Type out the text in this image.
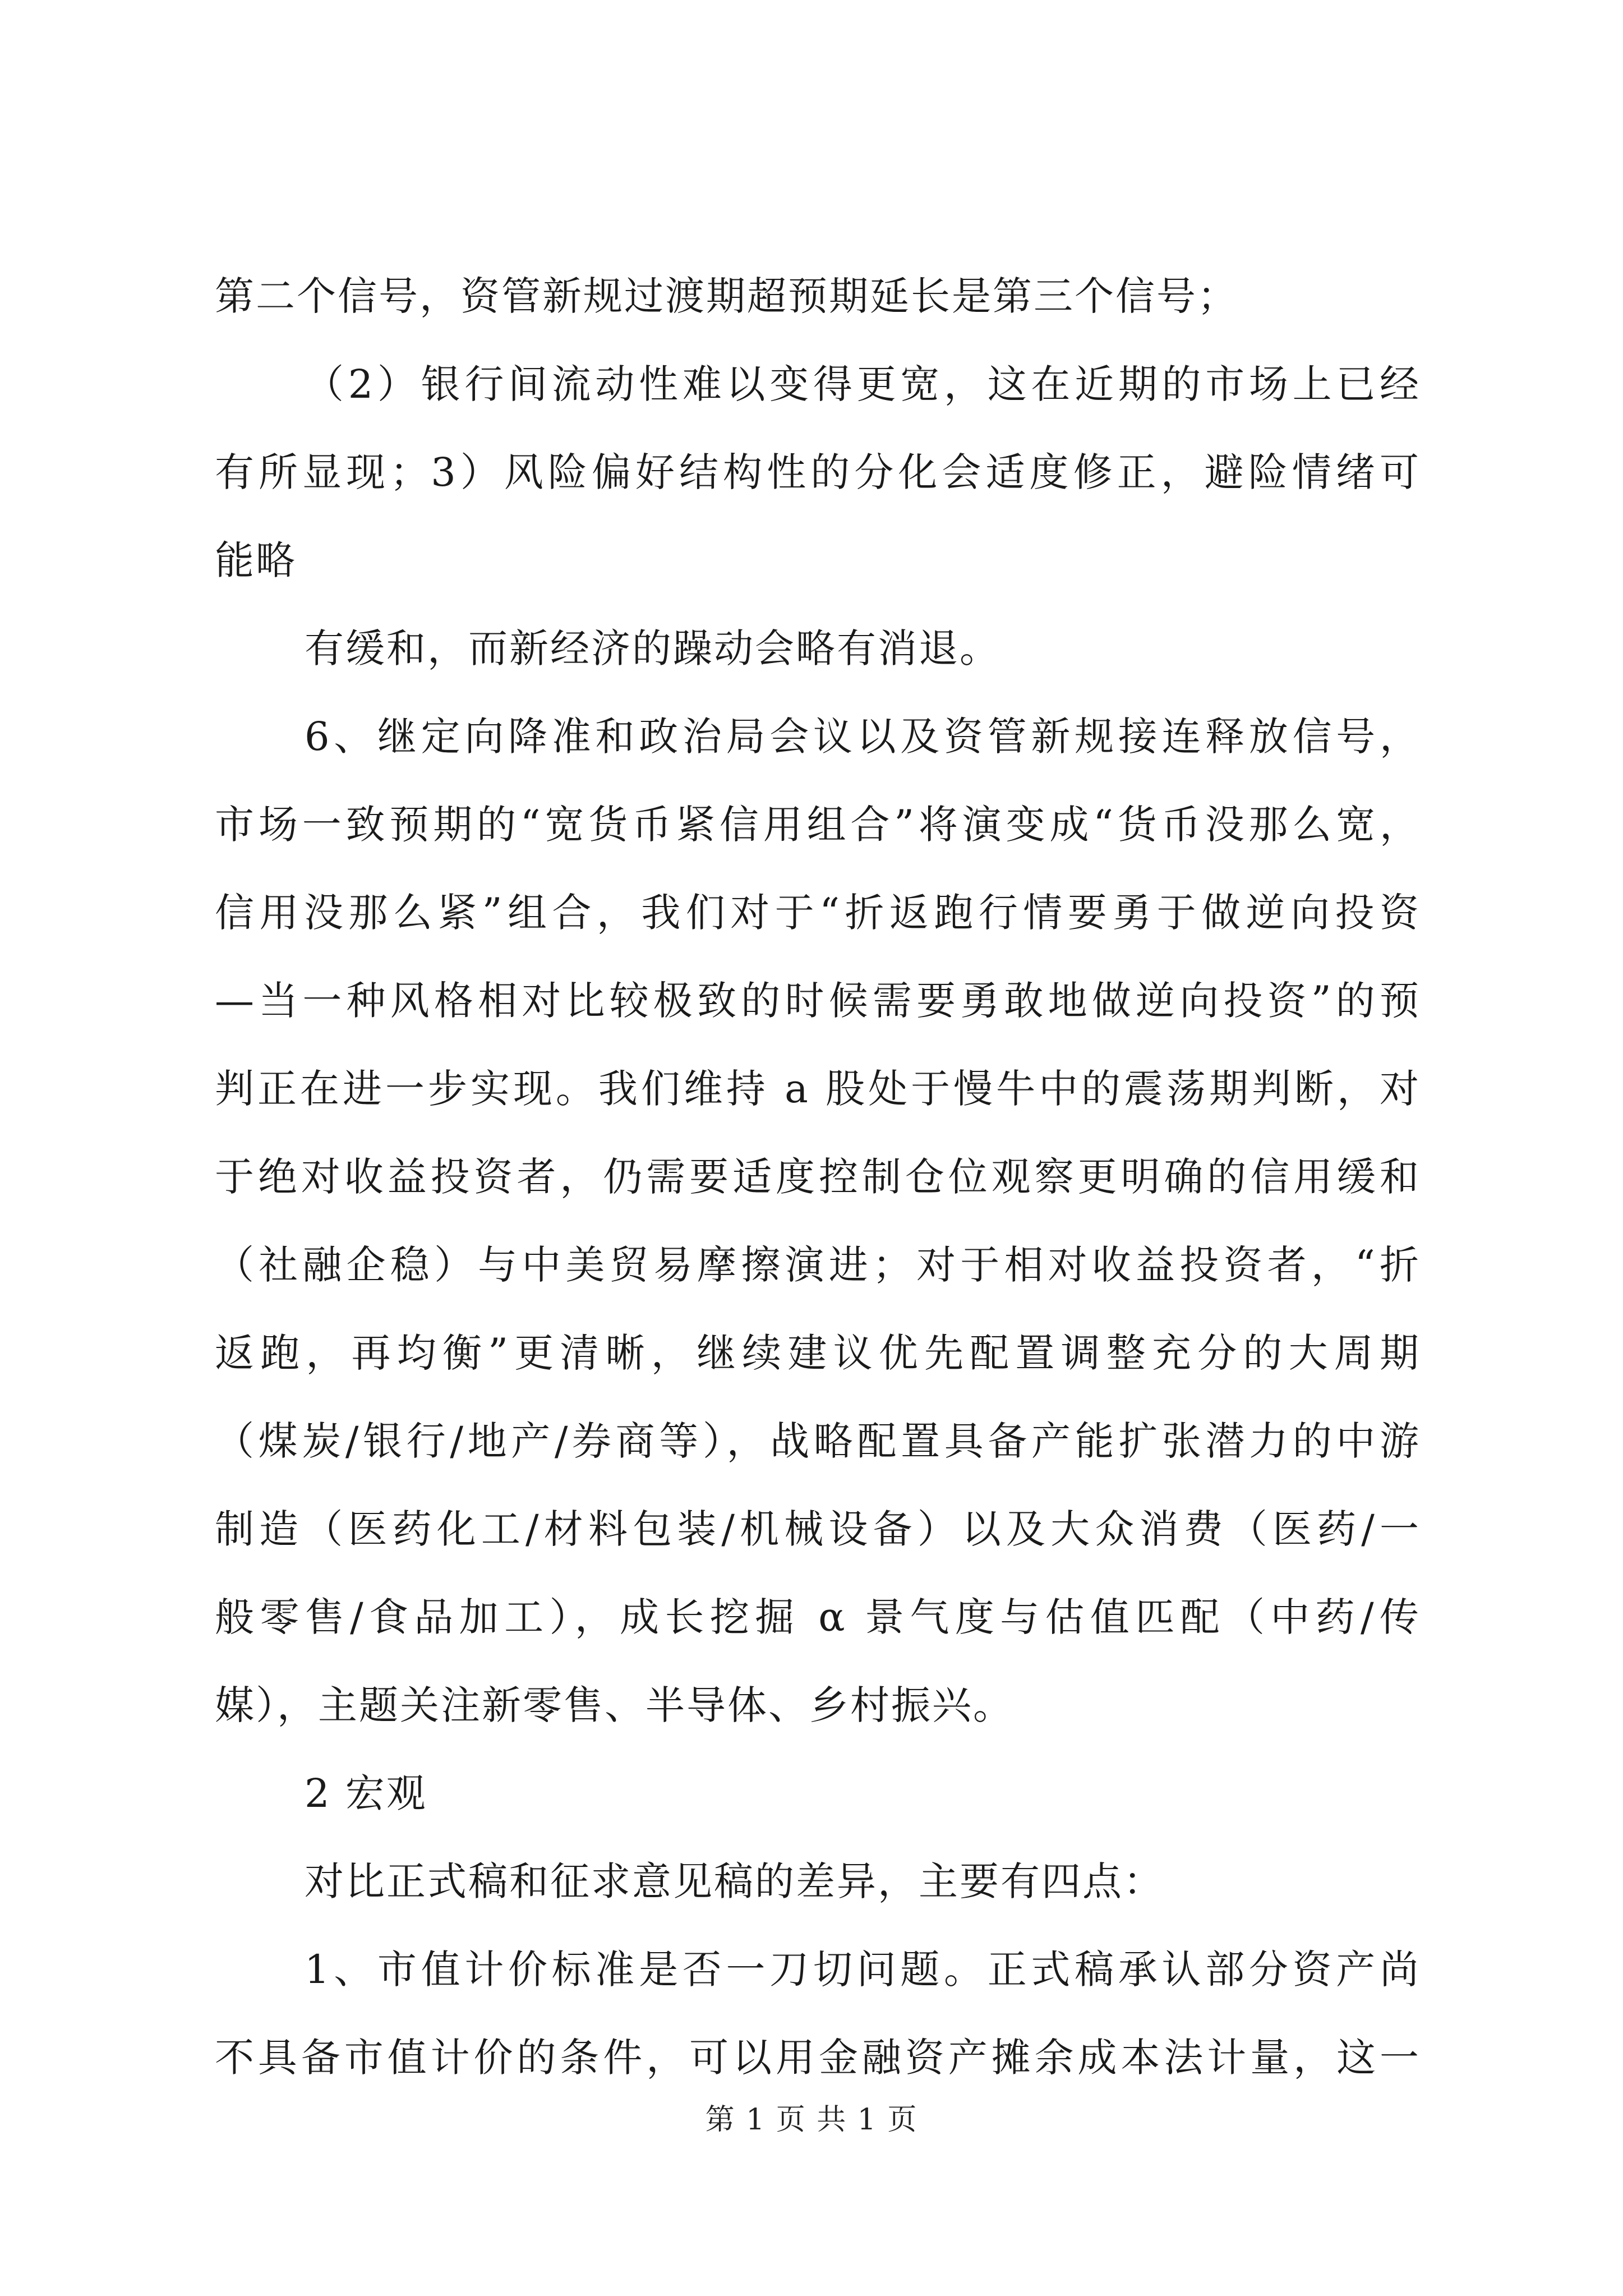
第二个信号，资管新规过渡期超预期延长是第三个信号；
（2）银行间流动性难以变得更宽，这在近期的市场上已经
有所显现；3）风险偏好结构性的分化会适度修正，避险情绪可
能略
有缓和，而新经济的躁动会略有消退。
6、继定向降准和政治局会议以及资管新规接连释放信号，
市场一致预期的“宽货币紧信用组合”将演变成“货币没那么宽，
信用没那么紧”组合，我们对于“折返跑行情要勇于做逆向投资
—当一种风格相对比较极致的时候需要勇敢地做逆向投资”的预
判正在进一步实现。我们维持 a 股处于慢牛中的震荡期判断，对
于绝对收益投资者，仍需要适度控制仓位观察更明确的信用缓和
（社融企稳）与中美贸易摩擦演进；对于相对收益投资者，“折
返跑，再均衡”更清晰，继续建议优先配置调整充分的大周期
（煤炭/银行/地产/券商等），战略配置具备产能扩张潜力的中游
制造（医药化工/材料包装/机械设备）以及大众消费（医药/一
般零售/食品加工），成长挖掘 α 景气度与估值匹配（中药/传
媒），主题关注新零售、半导体、乡村振兴。
2 宏观
对比正式稿和征求意见稿的差异，主要有四点：
1、市值计价标准是否一刀切问题。正式稿承认部分资产尚
不具备市值计价的条件，可以用金融资产摊余成本法计量，这一
第 1 页 共 1 页
